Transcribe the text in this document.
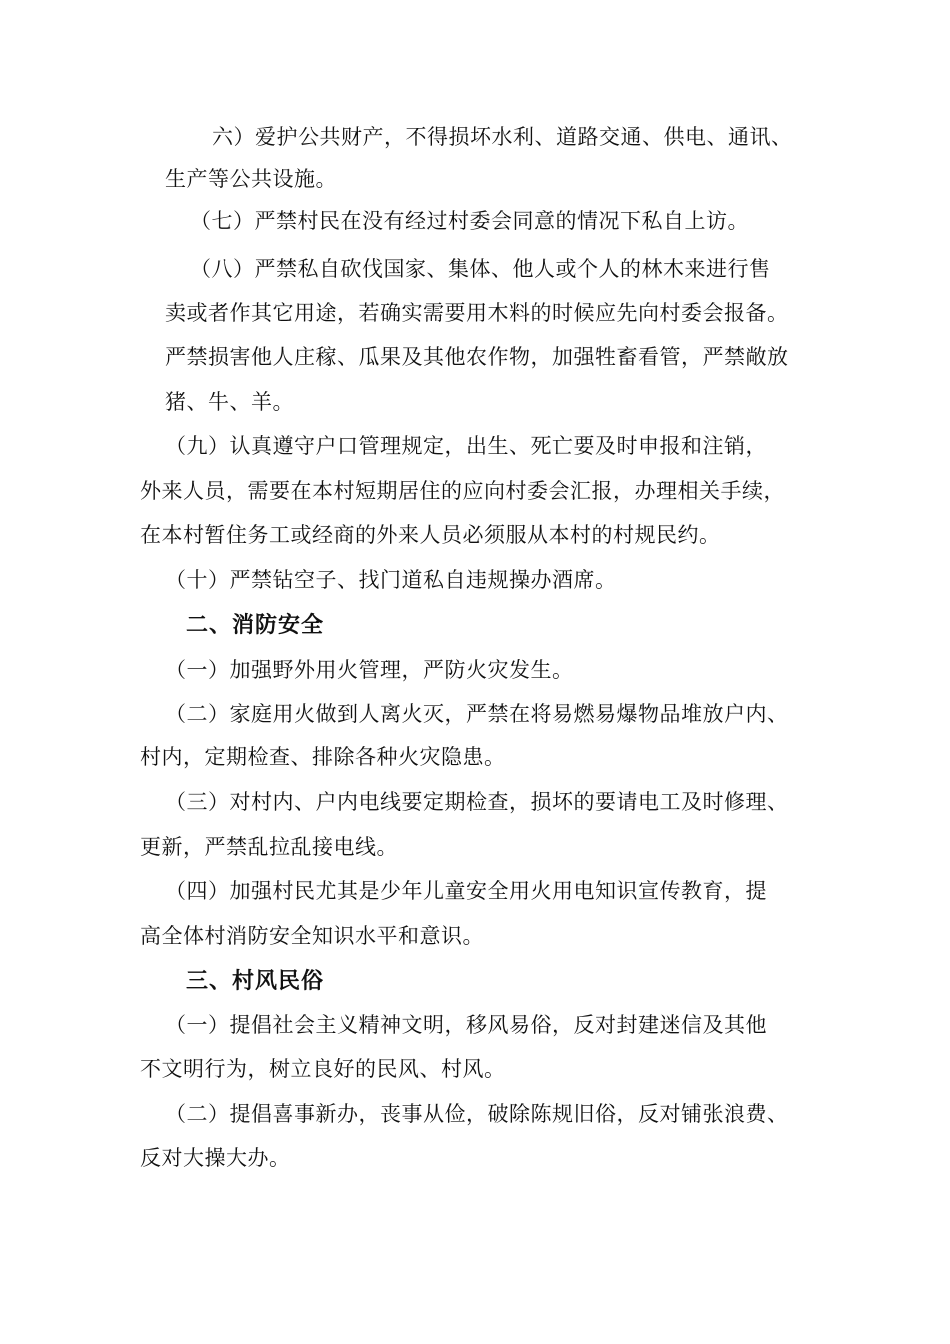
六）爱护公共财产，不得损坏水利、道路交通、供电、通讯、
生产等公共设施。
（七）严禁村民在没有经过村委会同意的情况下私自上访。
（八）严禁私自砍伐国家、集体、他人或个人的林木来进行售
卖或者作其它用途，若确实需要用木料的时候应先向村委会报备。
严禁损害他人庄稼、瓜果及其他农作物，加强牲畜看管，严禁敞放
猪、牛、羊。
（九）认真遵守户口管理规定，出生、死亡要及时申报和注销，
外来人员，需要在本村短期居住的应向村委会汇报，办理相关手续，
在本村暂住务工或经商的外来人员必须服从本村的村规民约。
（十）严禁钻空子、找门道私自违规操办酒席。
二、消防安全
（一）加强野外用火管理，严防火灾发生。
（二）家庭用火做到人离火灭，严禁在将易燃易爆物品堆放户内、
村内，定期检查、排除各种火灾隐患。
（三）对村内、户内电线要定期检查，损坏的要请电工及时修理、
更新，严禁乱拉乱接电线。
（四）加强村民尤其是少年儿童安全用火用电知识宣传教育，提
高全体村消防安全知识水平和意识。
三、村风民俗
（一）提倡社会主义精神文明，移风易俗，反对封建迷信及其他
不文明行为，树立良好的民风、村风。
（二）提倡喜事新办，丧事从俭，破除陈规旧俗，反对铺张浪费、
反对大操大办。
